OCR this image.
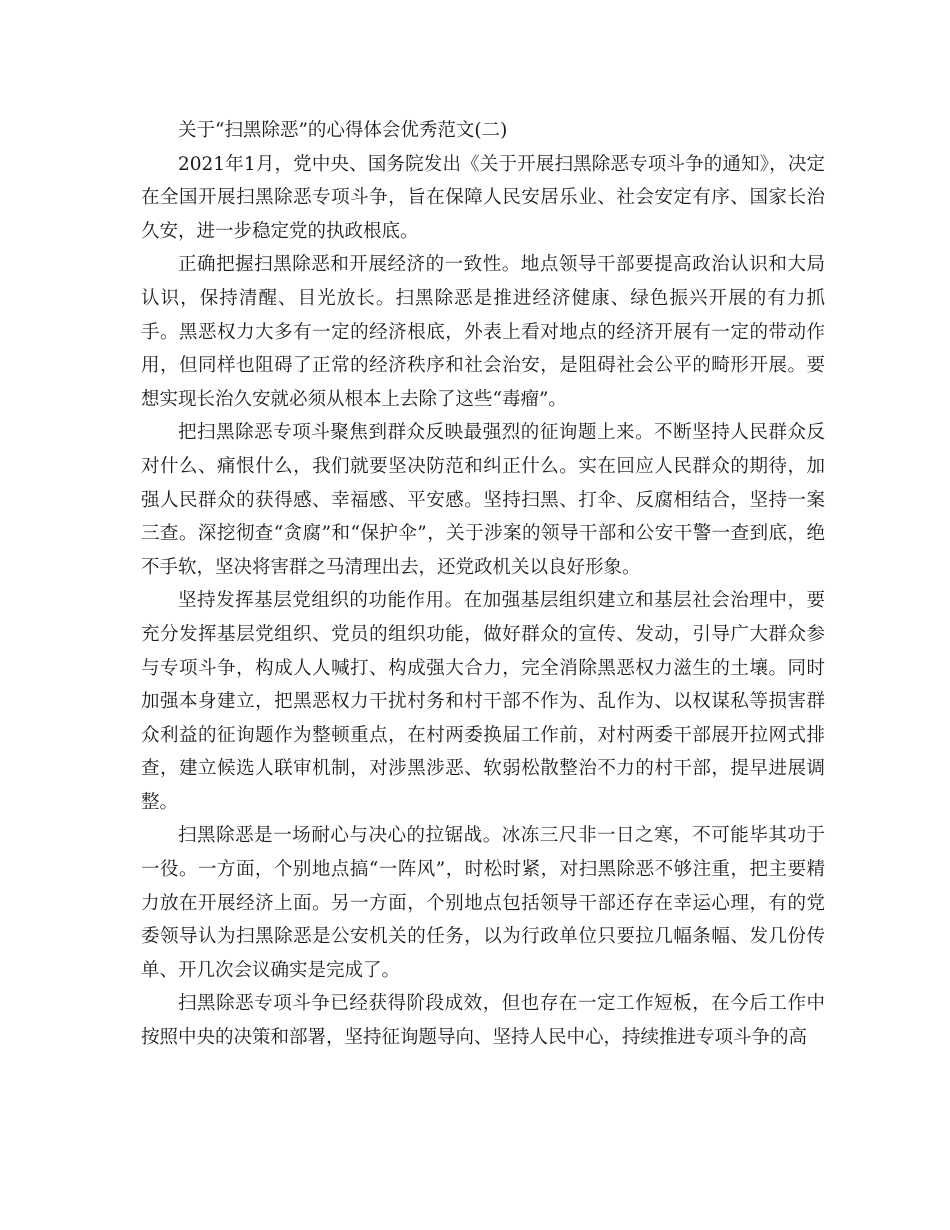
关于“扫黑除恶”的心得体会优秀范文(二)

2021年1月，党中央、国务院发出《关于开展扫黑除恶专项斗争的通知》，决定在全国开展扫黑除恶专项斗争，旨在保障人民安居乐业、社会安定有序、国家长治久安，进一步稳定党的执政根底。

正确把握扫黑除恶和开展经济的一致性。地点领导干部要提高政治认识和大局认识，保持清醒、目光放长。扫黑除恶是推进经济健康、绿色振兴开展的有力抓手。黑恶权力大多有一定的经济根底，外表上看对地点的经济开展有一定的带动作用，但同样也阻碍了正常的经济秩序和社会治安，是阻碍社会公平的畸形开展。要想实现长治久安就必须从根本上去除了这些“毒瘤”。

把扫黑除恶专项斗聚焦到群众反映最强烈的征询题上来。不断坚持人民群众反对什么、痛恨什么，我们就要坚决防范和纠正什么。实在回应人民群众的期待，加强人民群众的获得感、幸福感、平安感。坚持扫黑、打伞、反腐相结合，坚持一案三查。深挖彻查“贪腐”和“保护伞”，关于涉案的领导干部和公安干警一查到底，绝不手软，坚决将害群之马清理出去，还党政机关以良好形象。

坚持发挥基层党组织的功能作用。在加强基层组织建立和基层社会治理中，要充分发挥基层党组织、党员的组织功能，做好群众的宣传、发动，引导广大群众参与专项斗争，构成人人喊打、构成强大合力，完全消除黑恶权力滋生的土壤。同时加强本身建立，把黑恶权力干扰村务和村干部不作为、乱作为、以权谋私等损害群众利益的征询题作为整顿重点，在村两委换届工作前，对村两委干部展开拉网式排查，建立候选人联审机制，对涉黑涉恶、软弱松散整治不力的村干部，提早进展调整。

扫黑除恶是一场耐心与决心的拉锯战。冰冻三尺非一日之寒，不可能毕其功于一役。一方面，个别地点搞“一阵风”，时松时紧，对扫黑除恶不够注重，把主要精力放在开展经济上面。另一方面，个别地点包括领导干部还存在幸运心理，有的党委领导认为扫黑除恶是公安机关的任务，以为行政单位只要拉几幅条幅、发几份传单、开几次会议确实是完成了。

扫黑除恶专项斗争已经获得阶段成效，但也存在一定工作短板，在今后工作中按照中央的决策和部署，坚持征询题导向、坚持人民中心，持续推进专项斗争的高
